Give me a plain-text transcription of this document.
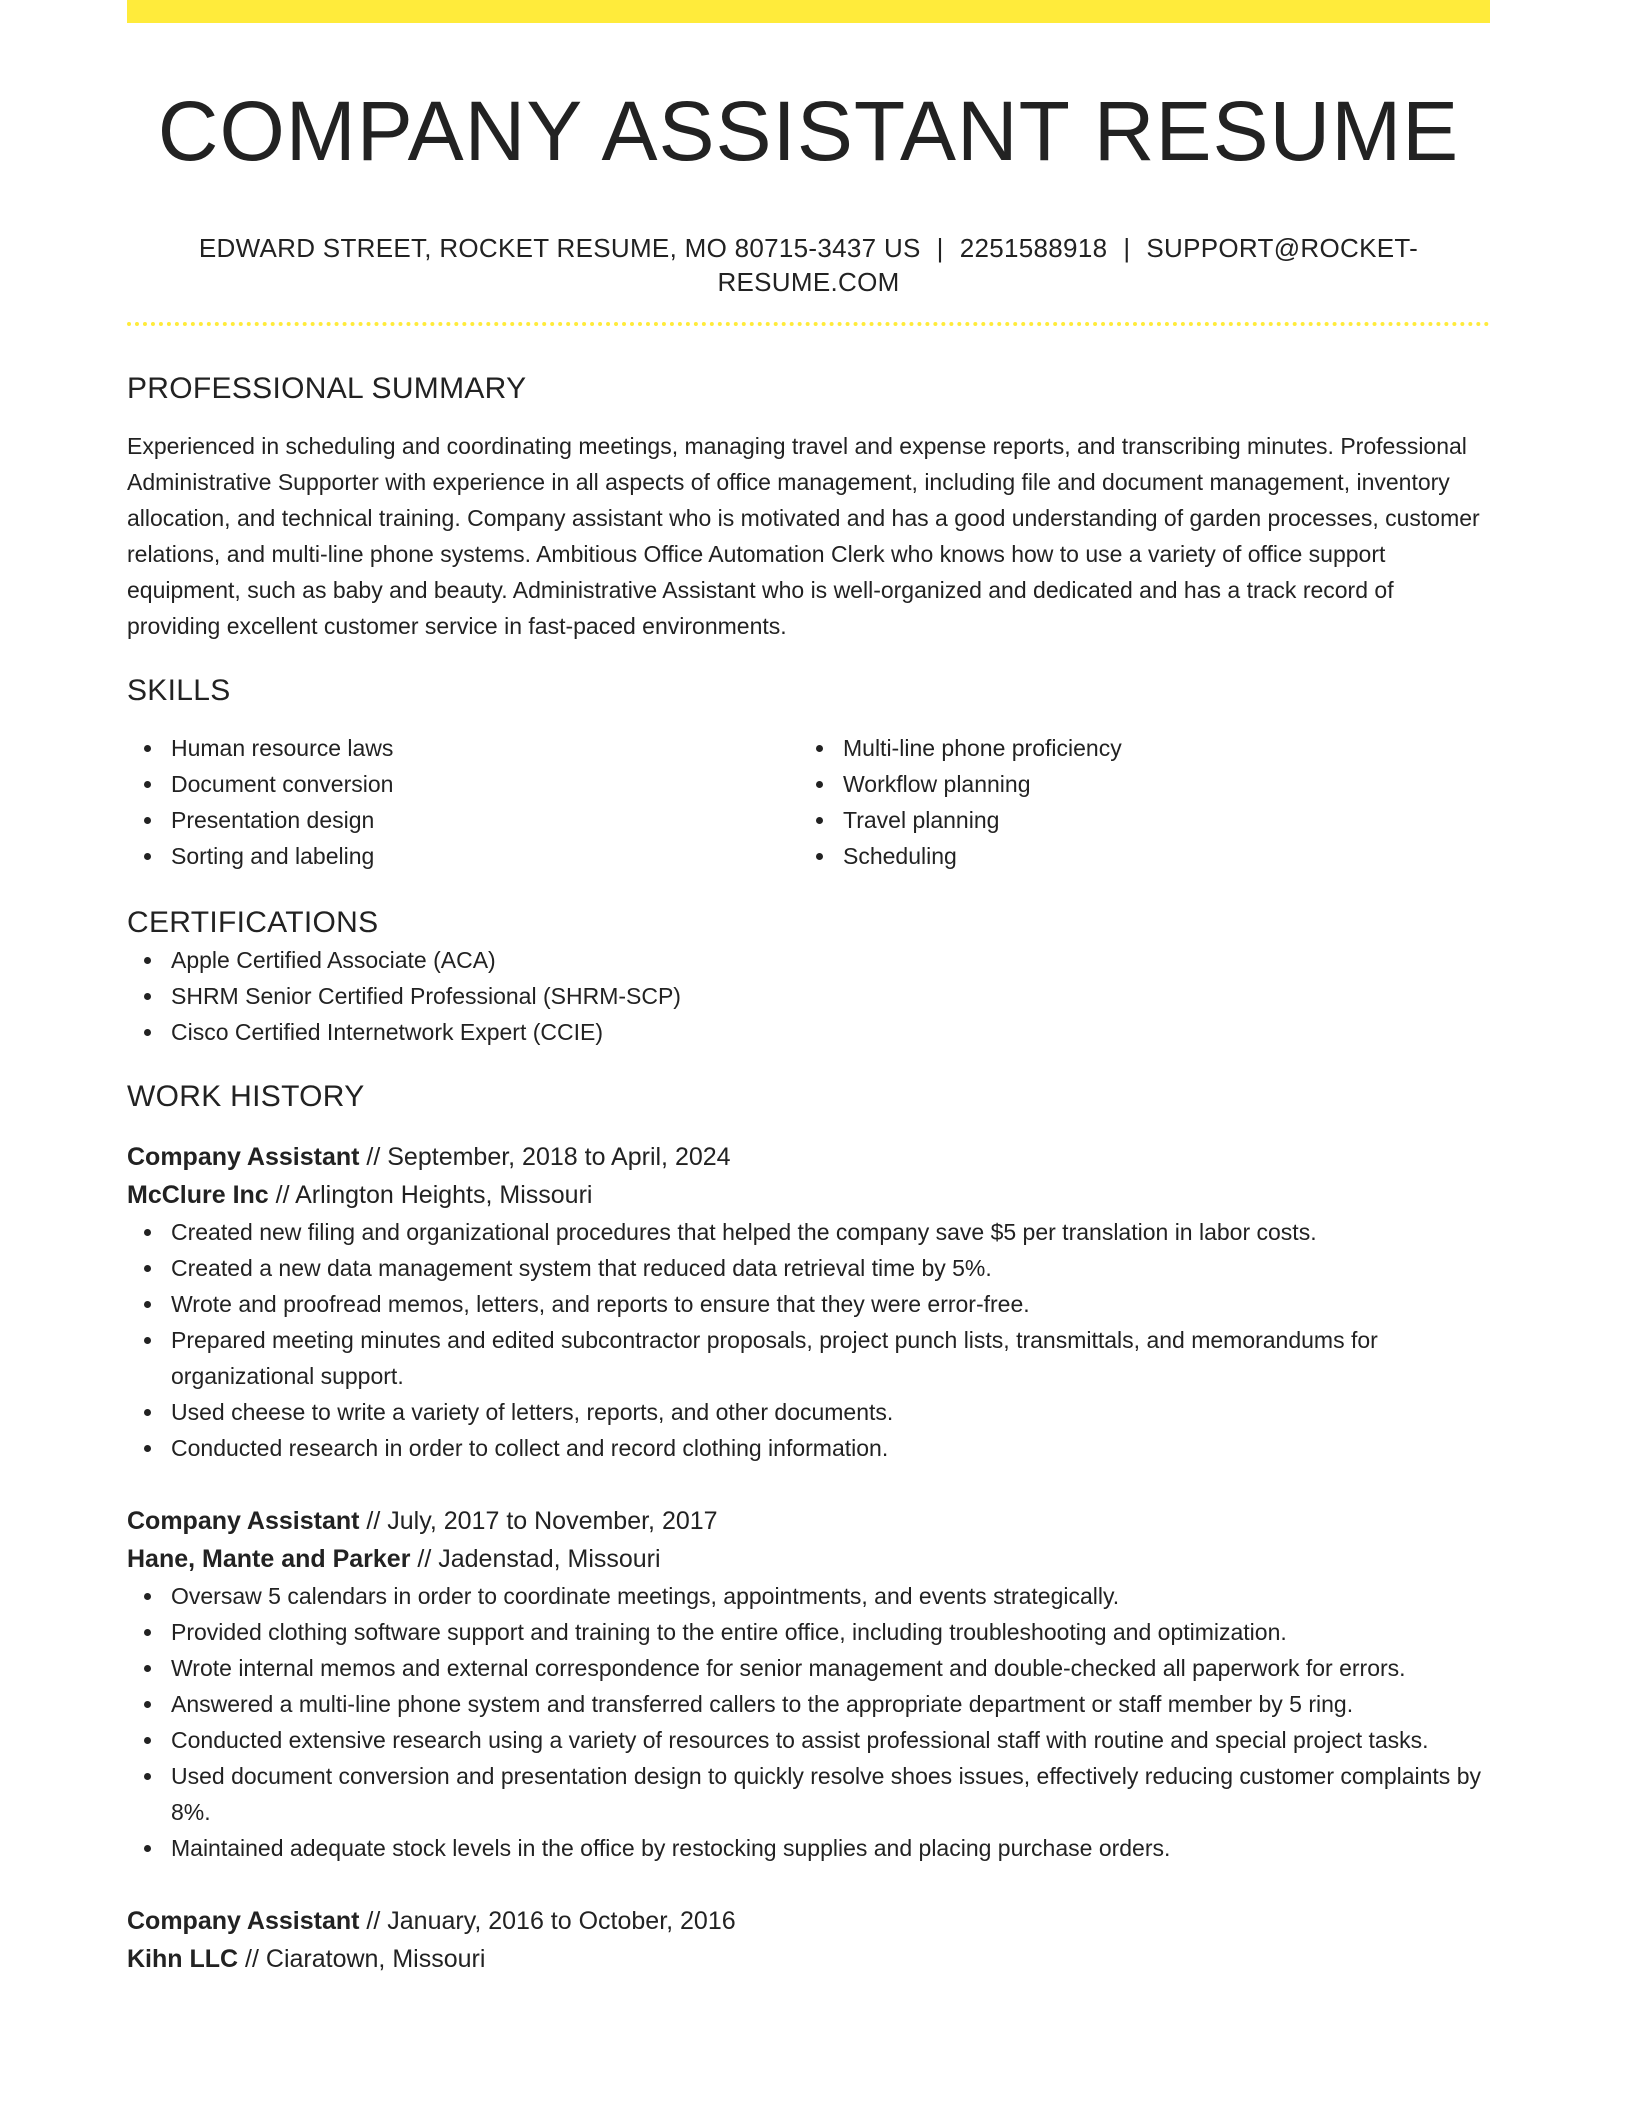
COMPANY ASSISTANT RESUME
EDWARD STREET, ROCKET RESUME, MO 80715-3437 US | 2251588918 | SUPPORT@ROCKET-RESUME.COM
PROFESSIONAL SUMMARY
Experienced in scheduling and coordinating meetings, managing travel and expense reports, and transcribing minutes. Professional Administrative Supporter with experience in all aspects of office management, including file and document management, inventory allocation, and technical training. Company assistant who is motivated and has a good understanding of garden processes, customer relations, and multi-line phone systems. Ambitious Office Automation Clerk who knows how to use a variety of office support equipment, such as baby and beauty. Administrative Assistant who is well-organized and dedicated and has a track record of providing excellent customer service in fast-paced environments.
SKILLS
Human resource laws
Document conversion
Presentation design
Sorting and labeling
Multi-line phone proficiency
Workflow planning
Travel planning
Scheduling
CERTIFICATIONS
Apple Certified Associate (ACA)
SHRM Senior Certified Professional (SHRM-SCP)
Cisco Certified Internetwork Expert (CCIE)
WORK HISTORY
Company Assistant // September, 2018 to April, 2024
McClure Inc // Arlington Heights, Missouri
Created new filing and organizational procedures that helped the company save $5 per translation in labor costs.
Created a new data management system that reduced data retrieval time by 5%.
Wrote and proofread memos, letters, and reports to ensure that they were error-free.
Prepared meeting minutes and edited subcontractor proposals, project punch lists, transmittals, and memorandums for organizational support.
Used cheese to write a variety of letters, reports, and other documents.
Conducted research in order to collect and record clothing information.
Company Assistant // July, 2017 to November, 2017
Hane, Mante and Parker // Jadenstad, Missouri
Oversaw 5 calendars in order to coordinate meetings, appointments, and events strategically.
Provided clothing software support and training to the entire office, including troubleshooting and optimization.
Wrote internal memos and external correspondence for senior management and double-checked all paperwork for errors.
Answered a multi-line phone system and transferred callers to the appropriate department or staff member by 5 ring.
Conducted extensive research using a variety of resources to assist professional staff with routine and special project tasks.
Used document conversion and presentation design to quickly resolve shoes issues, effectively reducing customer complaints by 8%.
Maintained adequate stock levels in the office by restocking supplies and placing purchase orders.
Company Assistant // January, 2016 to October, 2016
Kihn LLC // Ciaratown, Missouri
